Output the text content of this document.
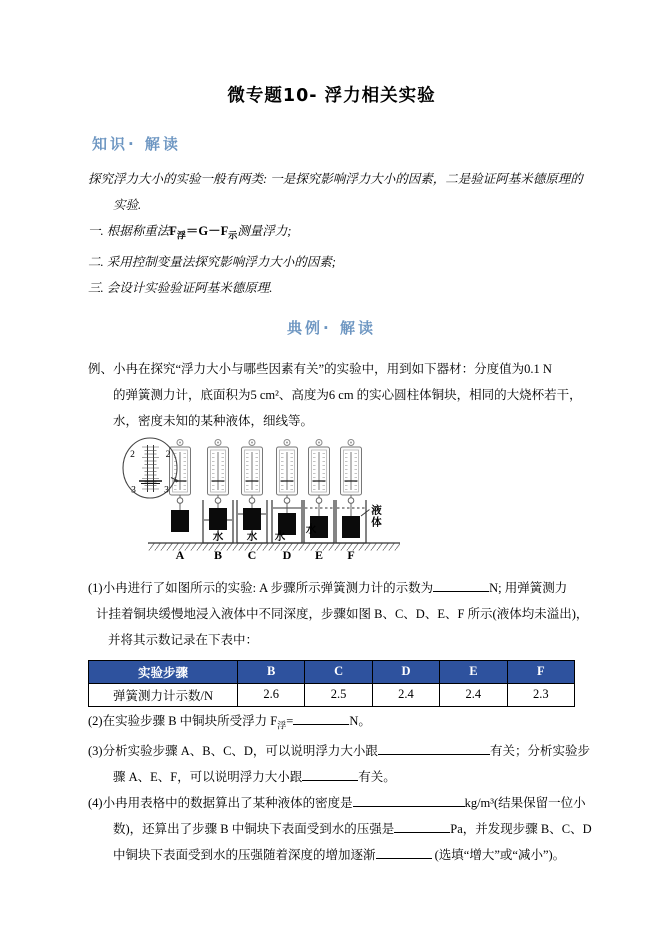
微专题10- 浮力相关实验
知识· 解读
探究浮力大小的实验一般有两类: 一是探究影响浮力大小的因素，二是验证阿基米德原理的
实验.
一. 根据称重法$F_浮=G-F_示$测量浮力;
二. 采用控制变量法探究影响浮力大小的因素;
三. 会设计实验验证阿基米德原理.
典例· 解读
例、小冉在探究“浮力大小与哪些因素有关”的实验中，用到如下器材：分度值为0.1 N
的弹簧测力计，底面积为5 cm²、高度为6 cm 的实心圆柱体铜块，相同的大烧杯若干，
水，密度未知的某种液体，细线等。
2	2
3	3
水 水 水
水
液
体
A B C D E F
(1)小冉进行了如图所示的实验: A 步骤所示弹簧测力计的示数为	N; 用弹簧测力
计挂着铜块缓慢地浸入液体中不同深度，步骤如图 B、C、D、E、F 所示(液体均未溢出)，
并将其示数记录在下表中：
实验步骤	B	C	D	E	F
弹簧测力计示数/N	2.6	2.5	2.4	2.4	2.3
(2)在实验步骤 B 中铜块所受浮力 $F_浮=$	N。
(3)分析实验步骤 A、B、C、D，可以说明浮力大小跟	有关；分析实验步
骤 A、E、F，可以说明浮力大小跟	有关。
(4)小冉用表格中的数据算出了某种液体的密度是	kg/m³(结果保留一位小
数)，还算出了步骤 B 中铜块下表面受到水的压强是	Pa，并发现步骤 B、C、D
中铜块下表面受到水的压强随着深度的增加逐渐	(选填“增大”或“减小”)。
